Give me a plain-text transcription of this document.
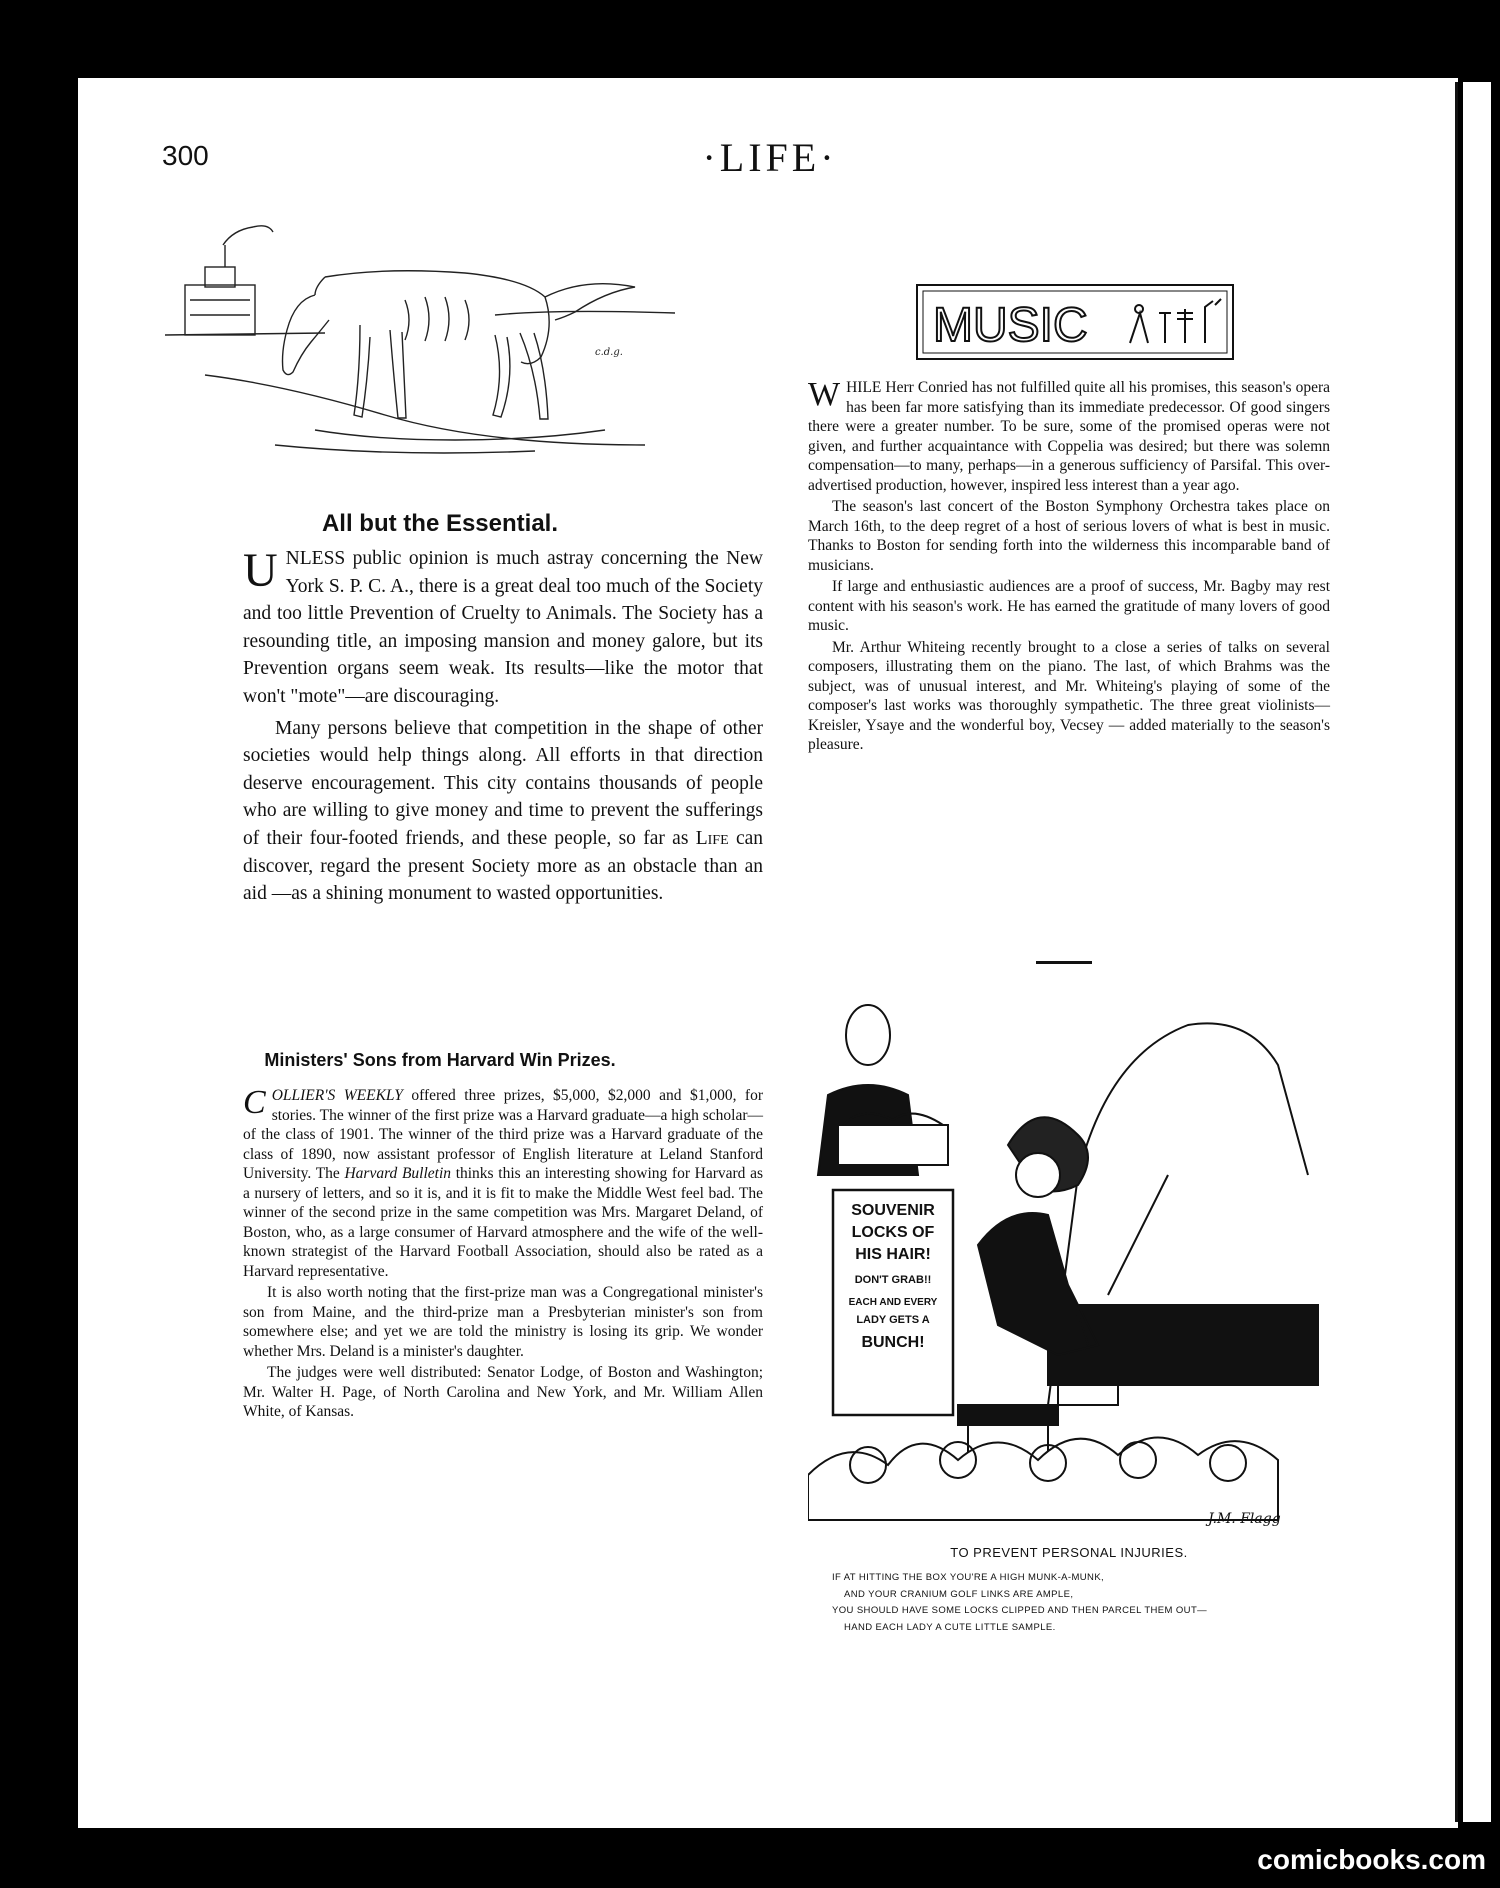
300	·LIFE·
c.d.g.
All but the Essential.

UNLESS public opinion is much astray concerning the New York S. P. C. A., there is a great deal too much of the Society and too little Prevention of Cruelty to Animals. The Society has a resounding title, an imposing mansion and money galore, but its Prevention organs seem weak. Its results—like the motor that won't "mote"—are discouraging.

Many persons believe that competition in the shape of other societies would help things along. All efforts in that direction deserve encouragement. This city contains thousands of people who are willing to give money and time to prevent the sufferings of their four-footed friends, and these people, so far as Life can discover, regard the present Society more as an obstacle than an aid —as a shining monument to wasted opportunities.

Ministers' Sons from Harvard Win Prizes.

COLLIER'S WEEKLY offered three prizes, $5,000, $2,000 and $1,000, for stories. The winner of the first prize was a Harvard graduate—a high scholar—of the class of 1901. The winner of the third prize was a Harvard graduate of the class of 1890, now assistant professor of English literature at Leland Stanford University. The Harvard Bulletin thinks this an interesting showing for Harvard as a nursery of letters, and so it is, and it is fit to make the Middle West feel bad. The winner of the second prize in the same competition was Mrs. Margaret Deland, of Boston, who, as a large consumer of Harvard atmosphere and the wife of the well-known strategist of the Harvard Football Association, should also be rated as a Harvard representative.

It is also worth noting that the first-prize man was a Congregational minister's son from Maine, and the third-prize man a Presbyterian minister's son from somewhere else; and yet we are told the ministry is losing its grip. We wonder whether Mrs. Deland is a minister's daughter.

The judges were well distributed: Senator Lodge, of Boston and Washington; Mr. Walter H. Page, of North Carolina and New York, and Mr. William Allen White, of Kansas.

MUSIC

WHILE Herr Conried has not fulfilled quite all his promises, this season's opera has been far more satisfying than its immediate predecessor. Of good singers there were a greater number. To be sure, some of the promised operas were not given, and further acquaintance with Coppelia was desired; but there was solemn compensation—to many, perhaps—in a generous sufficiency of Parsifal. This over-advertised production, however, inspired less interest than a year ago.

The season's last concert of the Boston Symphony Orchestra takes place on March 16th, to the deep regret of a host of serious lovers of what is best in music. Thanks to Boston for sending forth into the wilderness this incomparable band of musicians.

If large and enthusiastic audiences are a proof of success, Mr. Bagby may rest content with his season's work. He has earned the gratitude of many lovers of good music.

Mr. Arthur Whiteing recently brought to a close a series of talks on several composers, illustrating them on the piano. The last, of which Brahms was the subject, was of unusual interest, and Mr. Whiteing's playing of some of the composer's last works was thoroughly sympathetic. The three great violinists—Kreisler, Ysaye and the wonderful boy, Vecsey — added materially to the season's pleasure.

SOUVENIR
LOCKS OF
HIS HAIR!
DON'T GRAB!!
EACH AND EVERY
LADY GETS A
BUNCH!
J.M. Flagg
TO PREVENT PERSONAL INJURIES.
IF AT HITTING THE BOX YOU'RE A HIGH MUNK-A-MUNK,
AND YOUR CRANIUM GOLF LINKS ARE AMPLE,
YOU SHOULD HAVE SOME LOCKS CLIPPED AND THEN PARCEL THEM OUT—
HAND EACH LADY A CUTE LITTLE SAMPLE.
comicbooks.com
